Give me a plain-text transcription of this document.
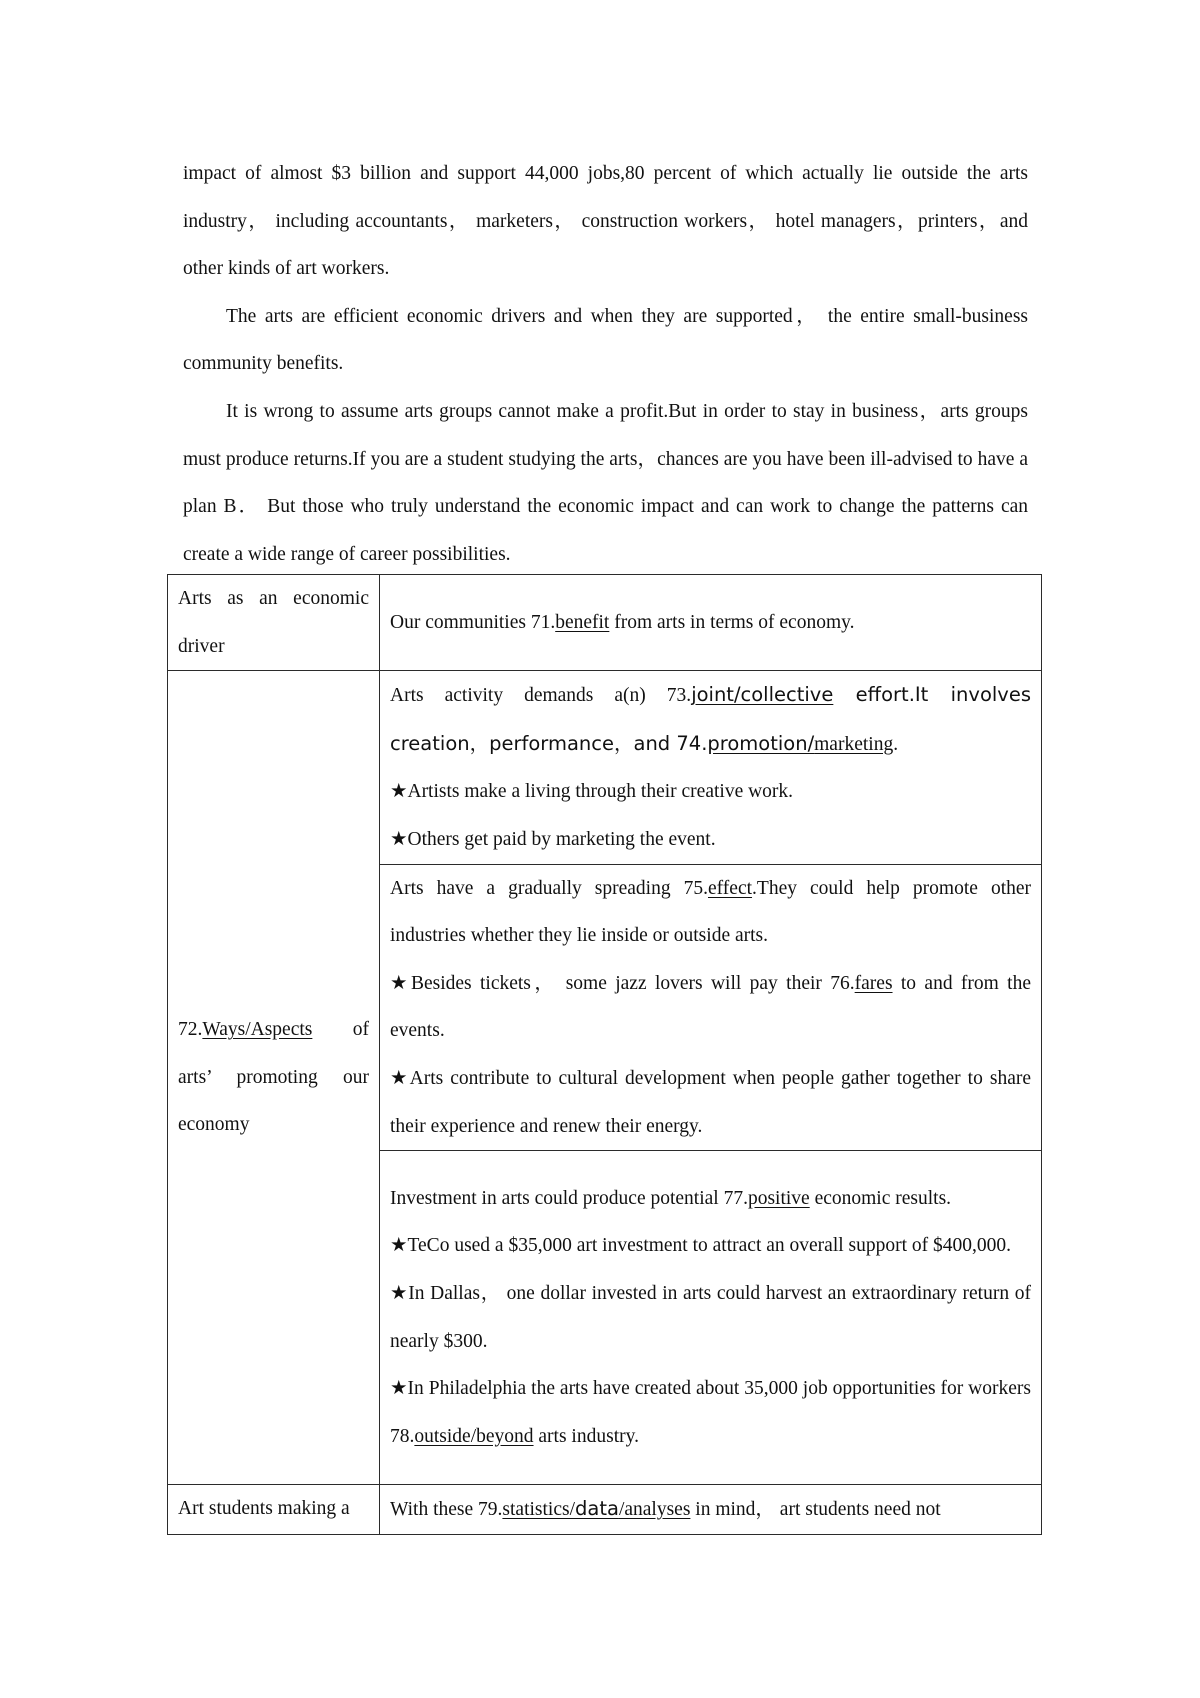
impact of almost $3 billion and support 44,000 jobs,80 percent of which actually lie outside the arts industry， including accountants， marketers， construction workers， hotel managers，printers，and other kinds of art workers.

The arts are efficient economic drivers and when they are supported， the entire small-business community benefits.

It is wrong to assume arts groups cannot make a profit.But in order to stay in business，arts groups must produce returns.If you are a student studying the arts，chances are you have been ill-advised to have a plan B． But those who truly understand the economic impact and can work to change the patterns can create a wide range of career possibilities.

Arts as an economic driver	Our communities 71.benefit from arts in terms of economy.

72.Ways/Aspects of arts’ promoting our economy	Arts activity demands a(n) 73.joint/collective effort.It involves creation，performance，and 74.promotion/marketing.

★Artists make a living through their creative work.

★Others get paid by marketing the event.

	Arts have a gradually spreading 75.effect.They could help promote other industries whether they lie inside or outside arts.

★Besides tickets， some jazz lovers will pay their 76.fares to and from the events.

★Arts contribute to cultural development when people gather together to share their experience and renew their energy.

	Investment in arts could produce potential 77.positive economic results.

★TeCo used a $35,000 art investment to attract an overall support of $400,000.

★In Dallas， one dollar invested in arts could harvest an extraordinary return of nearly $300.

★In Philadelphia the arts have created about 35,000 job opportunities for workers 78.outside/beyond arts industry.

Art students making a	With these 79.statistics/data/analyses in mind， art students need not
